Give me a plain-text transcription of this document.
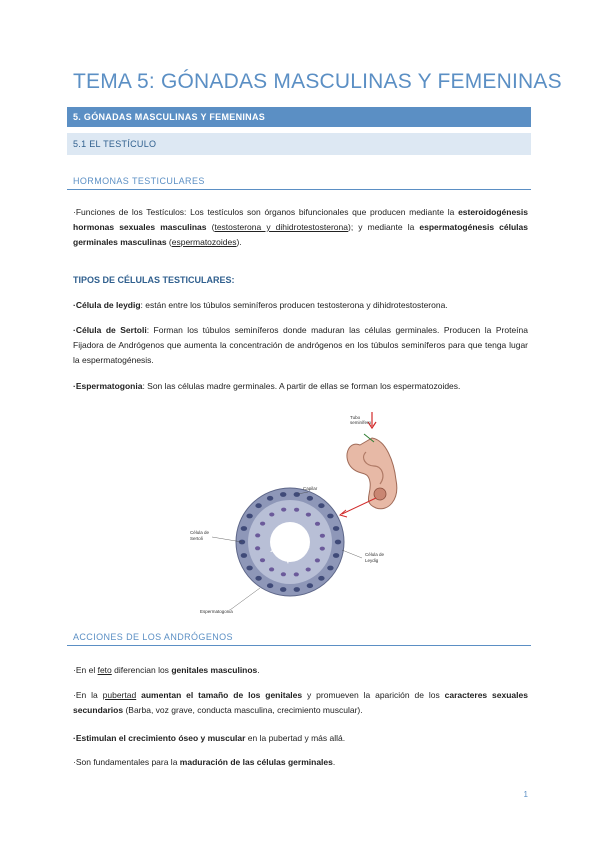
TEMA 5: GÓNADAS MASCULINAS Y FEMENINAS
5. GÓNADAS MASCULINAS Y FEMENINAS
5.1 EL TESTÍCULO
HORMONAS TESTICULARES
·Funciones de los Testículos: Los testículos son órganos bifuncionales que producen mediante la esteroidogénesis hormonas sexuales masculinas (testosterona y dihidrotestosterona); y mediante la espermatogénesis células germinales masculinas (espermatozoides).
TIPOS DE CÉLULAS TESTICULARES:
·Célula de leydig: están entre los túbulos seminíferos producen testosterona y dihidrotestosterona.
·Célula de Sertoli: Forman los túbulos seminíferos donde maduran las células germinales. Producen la Proteína Fijadora de Andrógenos que aumenta la concentración de andrógenos en los túbulos seminíferos para que tenga lugar la espermatogénesis.
·Espermatogonia: Son las células madre germinales. A partir de ellas se forman los espermatozoides.
Tubo
seminífero
Capilar
Célula de
Sertoli
Célula de
Leydig
Espermatogonia
ACCIONES DE LOS ANDRÓGENOS
·En el feto diferencian los genitales masculinos.
·En la pubertad aumentan el tamaño de los genitales y promueven la aparición de los caracteres sexuales secundarios (Barba, voz grave, conducta masculina, crecimiento muscular).
·Estimulan el crecimiento óseo y muscular en la pubertad y más allá.
·Son fundamentales para la maduración de las células germinales.
1
